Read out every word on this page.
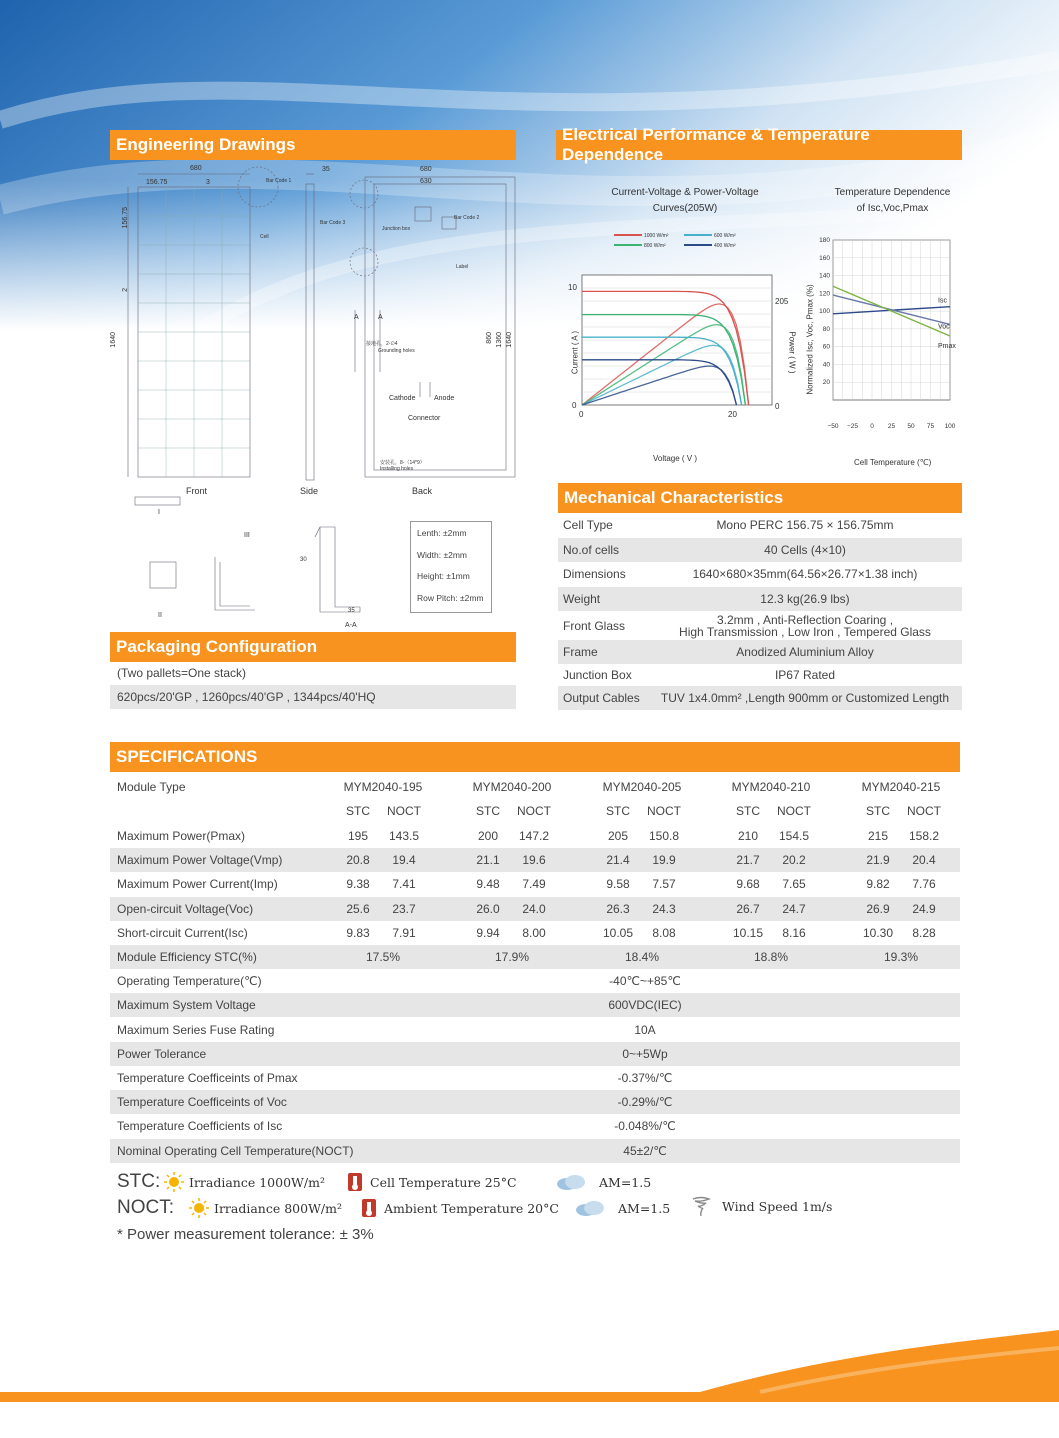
Engineering Drawings
Electrical Performance & Temperature Dependence
Mechanical Characteristics
Packaging Configuration
SPECIFICATIONS
Front	Side	Back
680
156.75	3
35	680
630
1640
156.75
2
860 1360 1640
Bar Code 1
Bar Code 3
Bar Code 2
Cell
Junction box
Label
接地孔，2-∅4
Grounding holes
安装孔，8-（14*9）
Installing holes
Cathode	Anode
Connector
A	A
A-A
I
II
III
30
35
Lenth: ±2mm
Width: ±2mm
Height: ±1mm
Row Pitch: ±2mm
(Two pallets=One stack)
620pcs/20'GP , 1260pcs/40'GP , 1344pcs/40'HQ
Current-Voltage & Power-Voltage
Curves(205W)
1000 W/m²
800 W/m²
600 W/m²
400 W/m²
10
0
0	20
205
0
Current ( A )	Power ( W )
Voltage ( V )
Temperature Dependence
of Isc,Voc,Pmax
180
160
140
120
100
80
60
40
20
−50 −25 0 25 50 75 100
Isc
Voc
Pmax
Normalized Isc, Voc, Pmax (%)
Cell Temperature (℃)
Cell Type	Mono PERC 156.75 × 156.75mm
No.of cells	40 Cells (4×10)
Dimensions	1640×680×35mm(64.56×26.77×1.38 inch)
Weight	12.3 kg(26.9 lbs)
Front Glass	3.2mm , Anti-Reflection Coaring ,
High Transmission , Low Iron , Tempered Glass
Frame	Anodized Aluminium Alloy
Junction Box	IP67 Rated
Output Cables	TUV 1x4.0mm² ,Length 900mm or Customized Length
Module Type	MYM2040-195	MYM2040-200	MYM2040-205	MYM2040-210	MYM2040-215
STC	NOCT	STC	NOCT	STC	NOCT	STC	NOCT	STC	NOCT
Maximum Power(Pmax)	195	143.5	200	147.2	205	150.8	210	154.5	215	158.2
Maximum Power Voltage(Vmp)	20.8	19.4	21.1	19.6	21.4	19.9	21.7	20.2	21.9	20.4
Maximum Power Current(Imp)	9.38	7.41	9.48	7.49	9.58	7.57	9.68	7.65	9.82	7.76
Open-circuit Voltage(Voc)	25.6	23.7	26.0	24.0	26.3	24.3	26.7	24.7	26.9	24.9
Short-circuit Current(Isc)	9.83	7.91	9.94	8.00	10.05	8.08	10.15	8.16	10.30	8.28
Module Efficiency STC(%)	17.5%	17.9%	18.4%	18.8%	19.3%
Operating Temperature(℃)	-40℃~+85℃
Maximum System Voltage	600VDC(IEC)
Maximum Series Fuse Rating	10A
Power Tolerance	0~+5Wp
Temperature Coefficeints of Pmax	-0.37%/℃
Temperature Coefficeints of Voc	-0.29%/℃
Temperature Coefficients of Isc	-0.048%/℃
Nominal Operating Cell Temperature(NOCT)	45±2/℃
STC: Irradiance 1000W/m²	Cell Temperature 25°C	AM=1.5
NOCT:	Irradiance 800W/m²	Ambient Temperature 20°C	AM=1.5	Wind Speed 1m/s
* Power measurement tolerance: ± 3%
